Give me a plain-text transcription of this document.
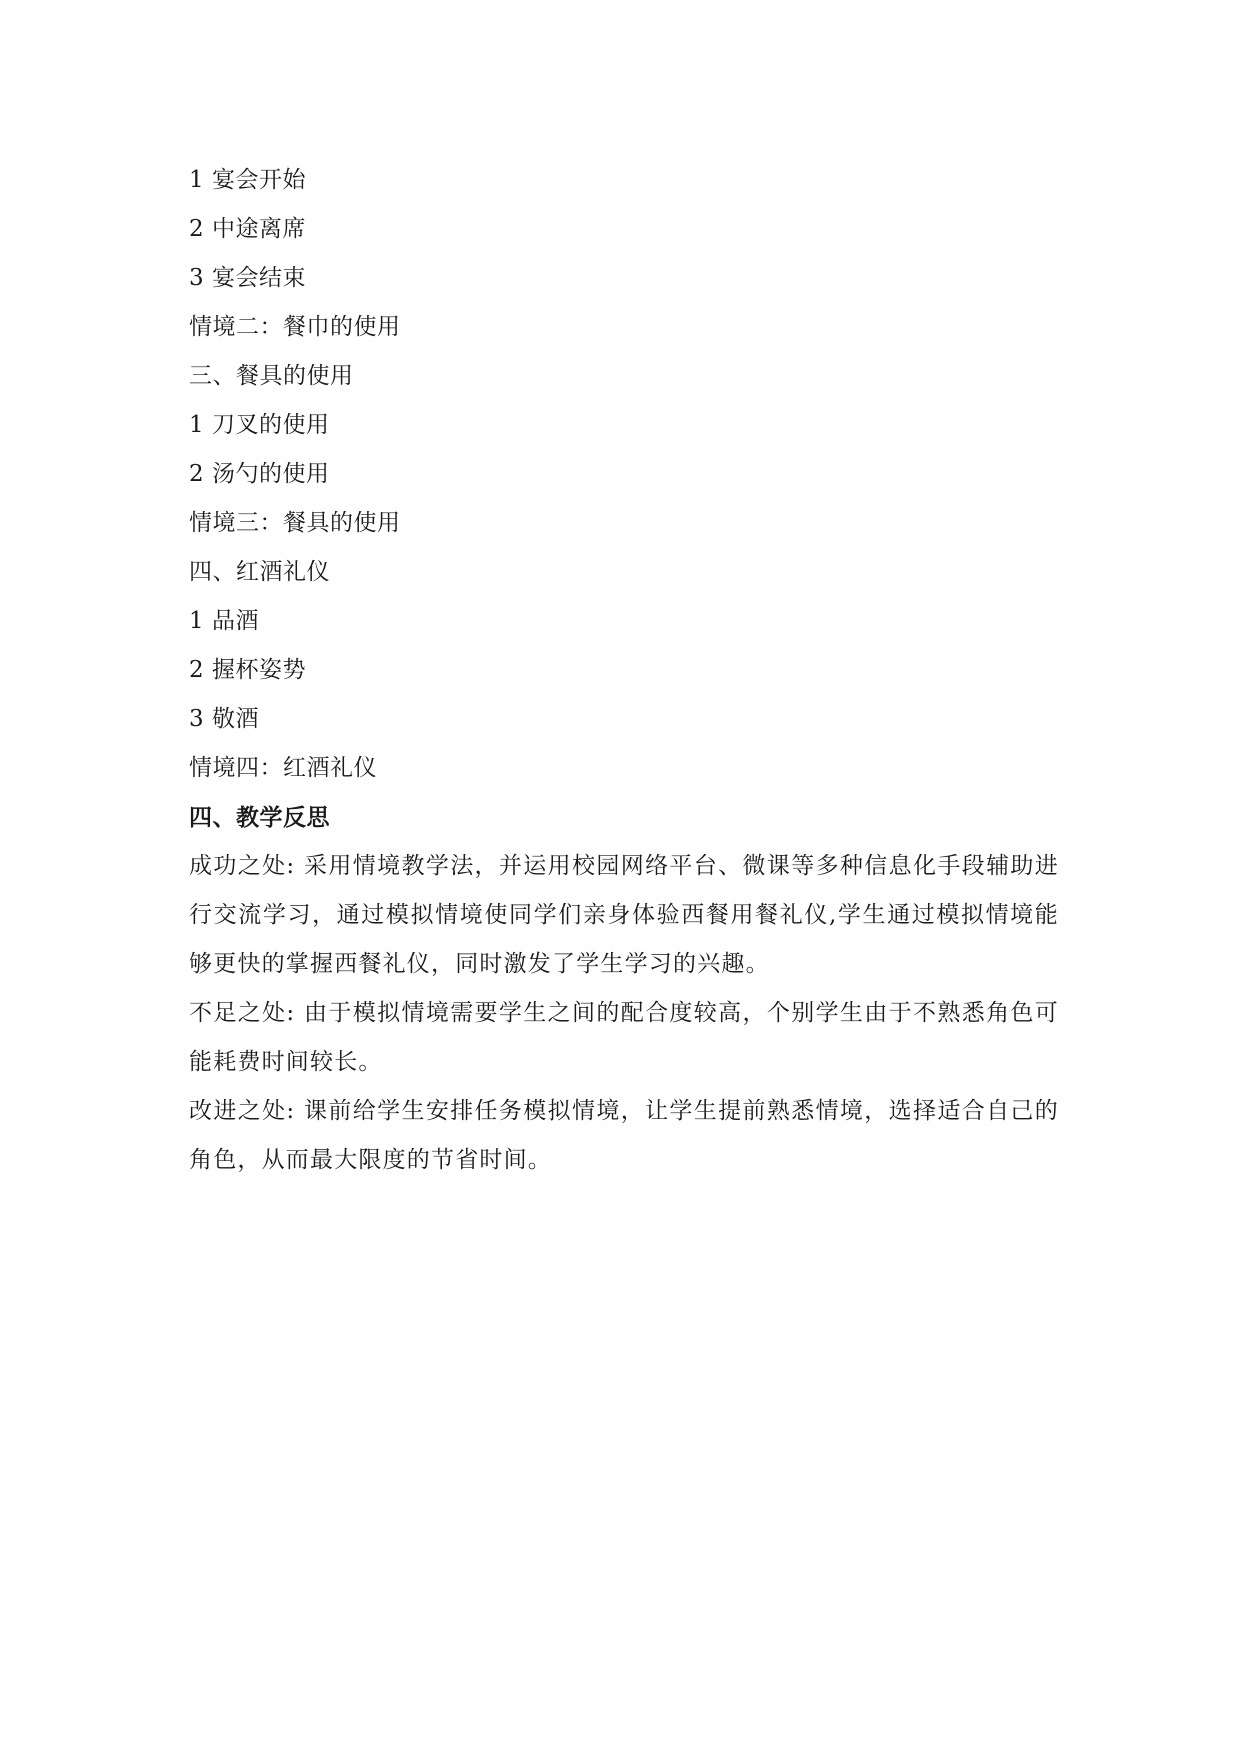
1 宴会开始
2 中途离席
3 宴会结束
情境二：餐巾的使用
三、餐具的使用
1 刀叉的使用
2 汤勺的使用
情境三：餐具的使用
四、红酒礼仪
1 品酒
2 握杯姿势
3 敬酒
情境四：红酒礼仪
四、教学反思
成功之处: 采用情境教学法，并运用校园网络平台、微课等多种信息化手段辅助进行交流学习，通过模拟情境使同学们亲身体验西餐用餐礼仪,学生通过模拟情境能够更快的掌握西餐礼仪，同时激发了学生学习的兴趣。
不足之处: 由于模拟情境需要学生之间的配合度较高，个别学生由于不熟悉角色可能耗费时间较长。
改进之处: 课前给学生安排任务模拟情境，让学生提前熟悉情境，选择适合自己的角色，从而最大限度的节省时间。
